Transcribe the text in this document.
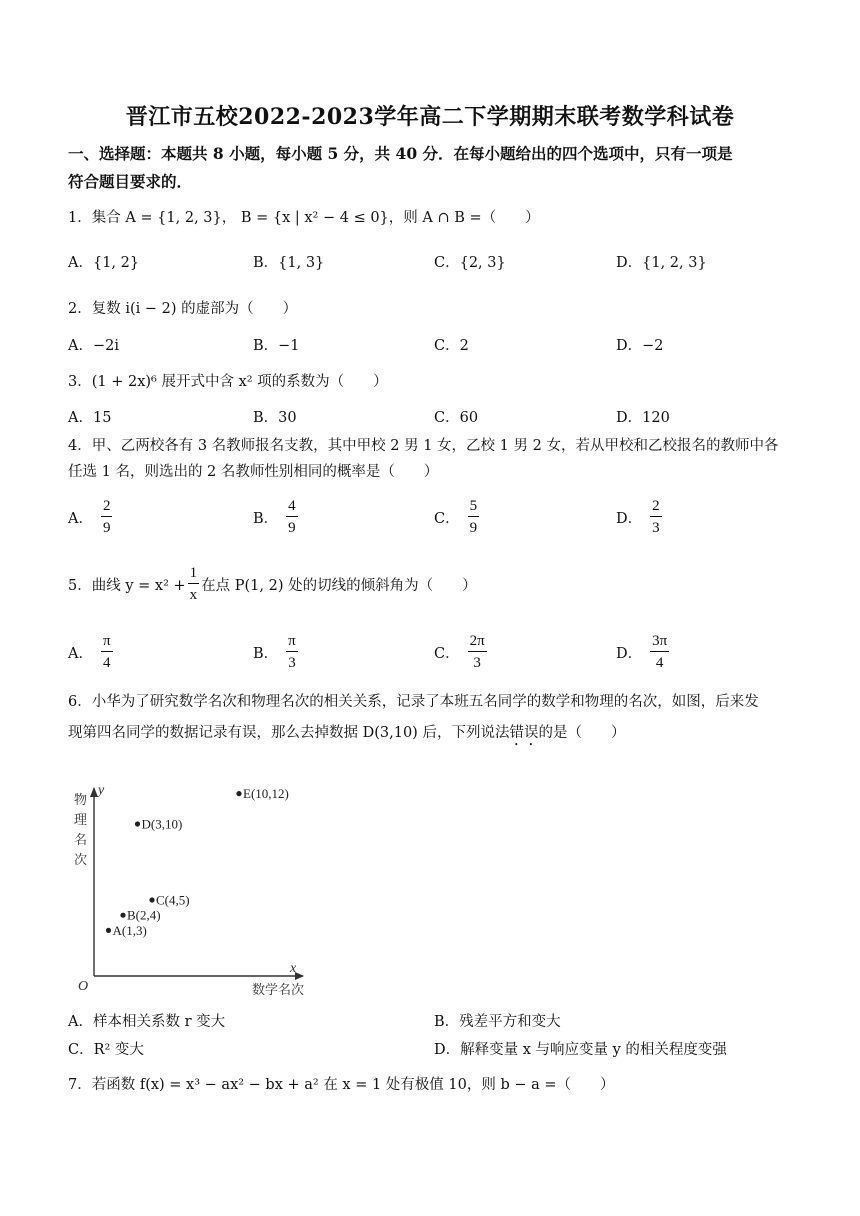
晋江市五校2022-2023学年高二下学期期末联考数学科试卷
一、选择题：本题共 8 小题，每小题 5 分，共 40 分．在每小题给出的四个选项中，只有一项是
符合题目要求的．
1．集合 A = {1, 2, 3}， B = {x | x² − 4 ≤ 0}，则 A ∩ B =（　　）
A．{1, 2}	B．{1, 3}	C．{2, 3}	D．{1, 2, 3}
2．复数 i(i − 2) 的虚部为（　　）
A．−2i	B．−1	C．2	D．−2
3．(1 + 2x)⁶ 展开式中含 x² 项的系数为（　　）
A．15	B．30	C．60	D．120
4．甲、乙两校各有 3 名教师报名支教，其中甲校 2 男 1 女，乙校 1 男 2 女，若从甲校和乙校报名的教师中各
任选 1 名，则选出的 2 名教师性别相同的概率是（　　）
A． $\frac{2}{9}$	B． $\frac{4}{9}$	C． $\frac{5}{9}$	D． $\frac{2}{3}$
5．曲线 $y = x^2 + \frac{1}{x}$ 在点 P(1, 2) 处的切线的倾斜角为（　　）
A． $\frac{\pi}{4}$	B． $\frac{\pi}{3}$	C． $\frac{2\pi}{3}$	D． $\frac{3\pi}{4}$
6．小华为了研究数学名次和物理名次的相关关系，记录了本班五名同学的数学和物理的名次，如图，后来发
现第四名同学的数据记录有误，那么去掉数据 D(3,10) 后，下列说法错误的是（　　）
O
x
y
数学名次
物
理
名
次
A(1,3)
B(2,4)
C(4,5)
D(3,10)
E(10,12)
A．样本相关系数 r 变大	B．残差平方和变大
C．R² 变大	D．解释变量 x 与响应变量 y 的相关程度变强
7．若函数 f(x) = x³ − ax² − bx + a² 在 x = 1 处有极值 10，则 b − a =（　　）
